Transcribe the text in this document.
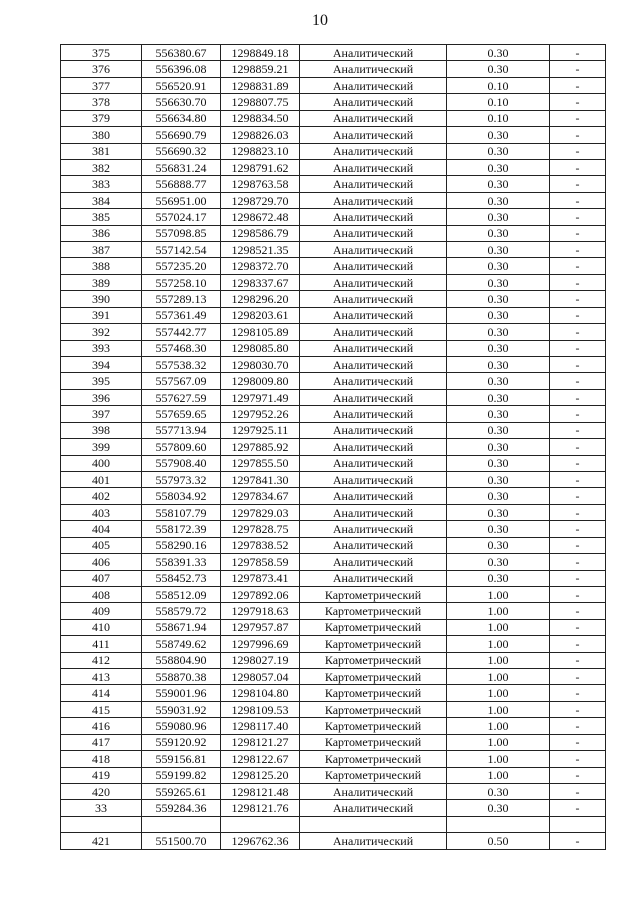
10
375	556380.67	1298849.18	Аналитический	0.30	-
376	556396.08	1298859.21	Аналитический	0.30	-
377	556520.91	1298831.89	Аналитический	0.10	-
378	556630.70	1298807.75	Аналитический	0.10	-
379	556634.80	1298834.50	Аналитический	0.10	-
380	556690.79	1298826.03	Аналитический	0.30	-
381	556690.32	1298823.10	Аналитический	0.30	-
382	556831.24	1298791.62	Аналитический	0.30	-
383	556888.77	1298763.58	Аналитический	0.30	-
384	556951.00	1298729.70	Аналитический	0.30	-
385	557024.17	1298672.48	Аналитический	0.30	-
386	557098.85	1298586.79	Аналитический	0.30	-
387	557142.54	1298521.35	Аналитический	0.30	-
388	557235.20	1298372.70	Аналитический	0.30	-
389	557258.10	1298337.67	Аналитический	0.30	-
390	557289.13	1298296.20	Аналитический	0.30	-
391	557361.49	1298203.61	Аналитический	0.30	-
392	557442.77	1298105.89	Аналитический	0.30	-
393	557468.30	1298085.80	Аналитический	0.30	-
394	557538.32	1298030.70	Аналитический	0.30	-
395	557567.09	1298009.80	Аналитический	0.30	-
396	557627.59	1297971.49	Аналитический	0.30	-
397	557659.65	1297952.26	Аналитический	0.30	-
398	557713.94	1297925.11	Аналитический	0.30	-
399	557809.60	1297885.92	Аналитический	0.30	-
400	557908.40	1297855.50	Аналитический	0.30	-
401	557973.32	1297841.30	Аналитический	0.30	-
402	558034.92	1297834.67	Аналитический	0.30	-
403	558107.79	1297829.03	Аналитический	0.30	-
404	558172.39	1297828.75	Аналитический	0.30	-
405	558290.16	1297838.52	Аналитический	0.30	-
406	558391.33	1297858.59	Аналитический	0.30	-
407	558452.73	1297873.41	Аналитический	0.30	-
408	558512.09	1297892.06	Картометрический	1.00	-
409	558579.72	1297918.63	Картометрический	1.00	-
410	558671.94	1297957.87	Картометрический	1.00	-
411	558749.62	1297996.69	Картометрический	1.00	-
412	558804.90	1298027.19	Картометрический	1.00	-
413	558870.38	1298057.04	Картометрический	1.00	-
414	559001.96	1298104.80	Картометрический	1.00	-
415	559031.92	1298109.53	Картометрический	1.00	-
416	559080.96	1298117.40	Картометрический	1.00	-
417	559120.92	1298121.27	Картометрический	1.00	-
418	559156.81	1298122.67	Картометрический	1.00	-
419	559199.82	1298125.20	Картометрический	1.00	-
420	559265.61	1298121.48	Аналитический	0.30	-
33	559284.36	1298121.76	Аналитический	0.30	-

421	551500.70	1296762.36	Аналитический	0.50	-
